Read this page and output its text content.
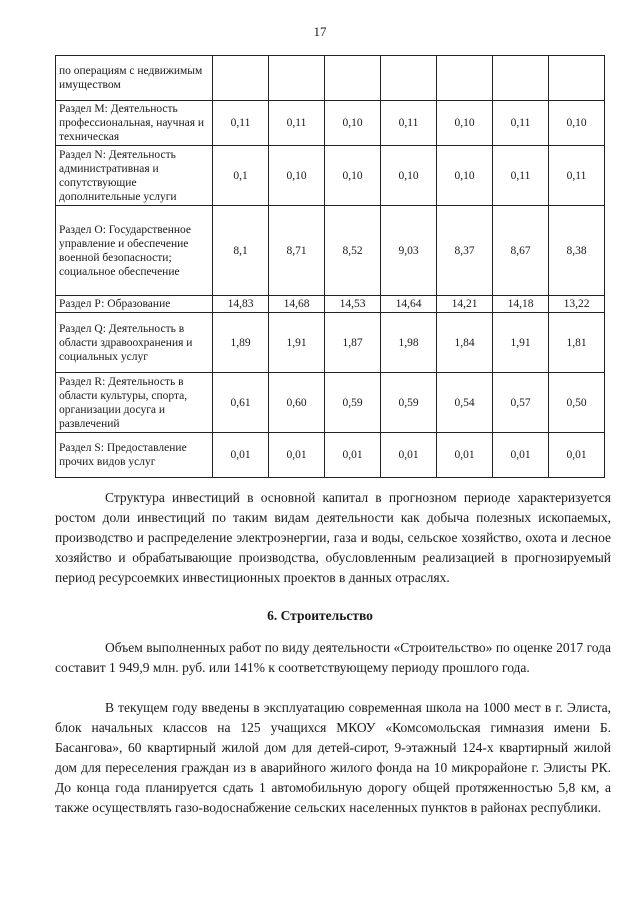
17
по операциям с недвижимым имуществом							
Раздел М: Деятельность профессиональная, научная и техническая	0,11	0,11	0,10	0,11	0,10	0,11	0,10
Раздел N: Деятельность административная и сопутствующие дополнительные услуги	0,1	0,10	0,10	0,10	0,10	0,11	0,11
Раздел О: Государственное управление и обеспечение военной безопасности; социальное обеспечение	8,1	8,71	8,52	9,03	8,37	8,67	8,38
Раздел Р: Образование	14,83	14,68	14,53	14,64	14,21	14,18	13,22
Раздел Q: Деятельность в области здравоохранения и социальных услуг	1,89	1,91	1,87	1,98	1,84	1,91	1,81
Раздел R: Деятельность в области культуры, спорта, организации досуга и развлечений	0,61	0,60	0,59	0,59	0,54	0,57	0,50
Раздел S: Предоставление прочих видов услуг	0,01	0,01	0,01	0,01	0,01	0,01	0,01

Структура инвестиций в основной капитал в прогнозном периоде характеризуется ростом доли инвестиций по таким видам деятельности как добыча полезных ископаемых, производство и распределение электроэнергии, газа и воды, сельское хозяйство, охота и лесное хозяйство и обрабатывающие производства, обусловленным реализацией в прогнозируемый период ресурсоемких инвестиционных проектов в данных отраслях.

6. Строительство

Объем выполненных работ по виду деятельности «Строительство» по оценке 2017 года составит 1 949,9 млн. руб. или 141% к соответствующему периоду прошлого года.

В текущем году введены в эксплуатацию современная школа на 1000 мест в г. Элиста, блок начальных классов на 125 учащихся МКОУ «Комсомольская гимназия имени Б. Басангова», 60 квартирный жилой дом для детей-сирот, 9-этажный 124-х квартирный жилой дом для переселения граждан из в аварийного жилого фонда на 10 микрорайоне г. Элисты РК. До конца года планируется сдать 1 автомобильную дорогу общей протяженностью 5,8 км, а также осуществлять газо-водоснабжение сельских населенных пунктов в районах республики.
